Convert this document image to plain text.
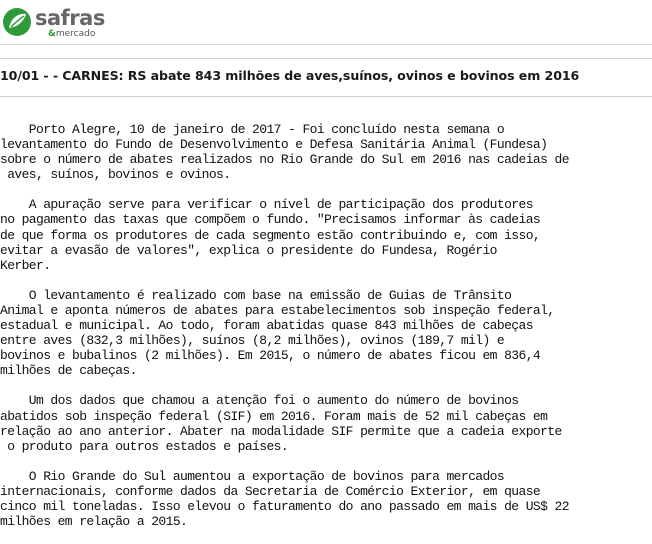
safras
&mercado
10/01 - - CARNES: RS abate 843 milhões de aves,suínos, ovinos e bovinos em 2016
Porto Alegre, 10 de janeiro de 2017 - Foi concluído nesta semana o
levantamento do Fundo de Desenvolvimento e Defesa Sanitária Animal (Fundesa)
sobre o número de abates realizados no Rio Grande do Sul em 2016 nas cadeias de
aves, suínos, bovinos e ovinos.
A apuração serve para verificar o nível de participação dos produtores
no pagamento das taxas que compõem o fundo. "Precisamos informar às cadeias
de que forma os produtores de cada segmento estão contribuindo e, com isso,
evitar a evasão de valores", explica o presidente do Fundesa, Rogério
Kerber.
O levantamento é realizado com base na emissão de Guias de Trânsito
Animal e aponta números de abates para estabelecimentos sob inspeção federal,
estadual e municipal. Ao todo, foram abatidas quase 843 milhões de cabeças
entre aves (832,3 milhões), suínos (8,2 milhões), ovinos (189,7 mil) e
bovinos e bubalinos (2 milhões). Em 2015, o número de abates ficou em 836,4
milhões de cabeças.
Um dos dados que chamou a atenção foi o aumento do número de bovinos
abatidos sob inspeção federal (SIF) em 2016. Foram mais de 52 mil cabeças em
relação ao ano anterior. Abater na modalidade SIF permite que a cadeia exporte
o produto para outros estados e países.
O Rio Grande do Sul aumentou a exportação de bovinos para mercados
internacionais, conforme dados da Secretaria de Comércio Exterior, em quase
cinco mil toneladas. Isso elevou o faturamento do ano passado em mais de US$ 22
milhões em relação a 2015.
